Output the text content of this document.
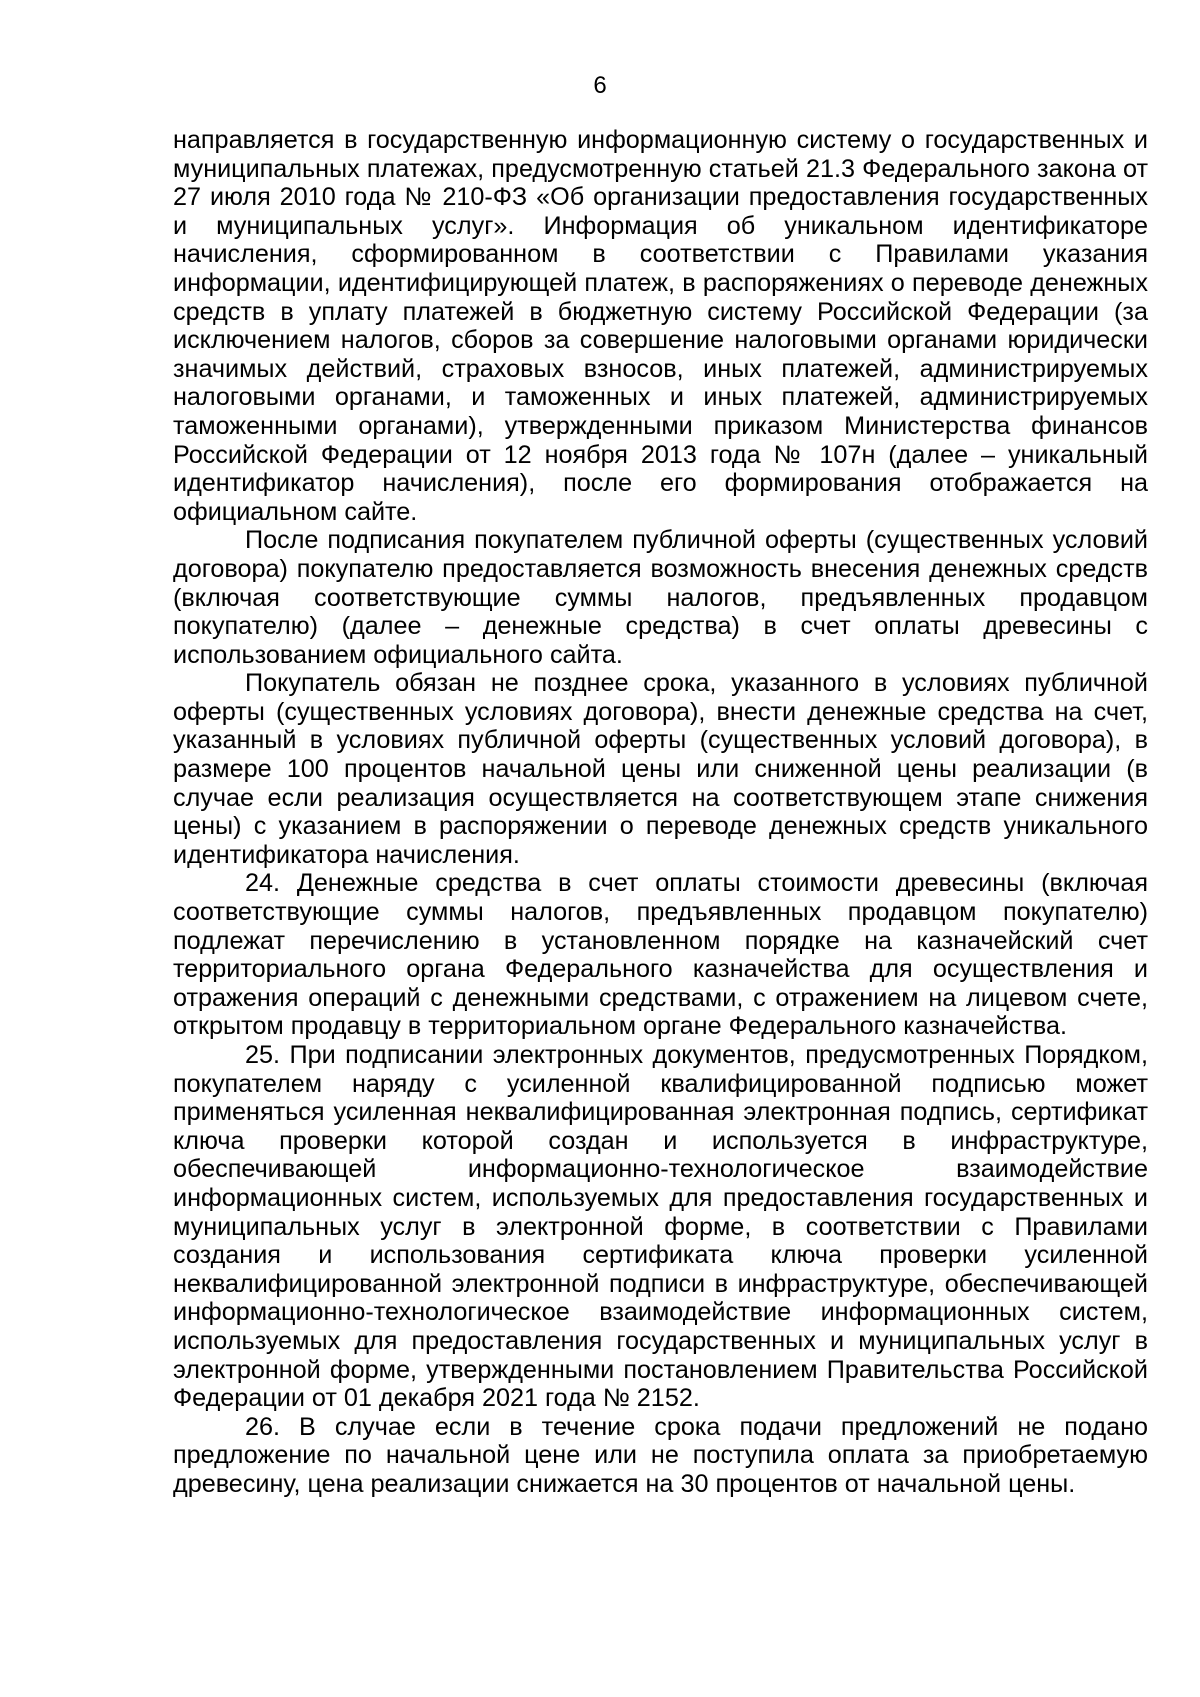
6

направляется в государственную информационную систему о государственных и муниципальных платежах, предусмотренную статьей 21.3 Федерального закона от 27 июля 2010 года № 210-ФЗ «Об организации предоставления государственных и муниципальных услуг». Информация об уникальном идентификаторе начисления, сформированном в соответствии с Правилами указания информации, идентифицирующей платеж, в распоряжениях о переводе денежных средств в уплату платежей в бюджетную систему Российской Федерации (за исключением налогов, сборов за совершение налоговыми органами юридически значимых действий, страховых взносов, иных платежей, администрируемых налоговыми органами, и таможенных и иных платежей, администрируемых таможенными органами), утвержденными приказом Министерства финансов Российской Федерации от 12 ноября 2013 года № 107н (далее – уникальный идентификатор начисления), после его формирования отображается на официальном сайте.

После подписания покупателем публичной оферты (существенных условий договора) покупателю предоставляется возможность внесения денежных средств (включая соответствующие суммы налогов, предъявленных продавцом покупателю) (далее – денежные средства) в счет оплаты древесины с использованием официального сайта.

Покупатель обязан не позднее срока, указанного в условиях публичной оферты (существенных условиях договора), внести денежные средства на счет, указанный в условиях публичной оферты (существенных условий договора), в размере 100 процентов начальной цены или сниженной цены реализации (в случае если реализация осуществляется на соответствующем этапе снижения цены) с указанием в распоряжении о переводе денежных средств уникального идентификатора начисления.

24. Денежные средства в счет оплаты стоимости древесины (включая соответствующие суммы налогов, предъявленных продавцом покупателю) подлежат перечислению в установленном порядке на казначейский счет территориального органа Федерального казначейства для осуществления и отражения операций с денежными средствами, с отражением на лицевом счете, открытом продавцу в территориальном органе Федерального казначейства.

25. При подписании электронных документов, предусмотренных Порядком, покупателем наряду с усиленной квалифицированной подписью может применяться усиленная неквалифицированная электронная подпись, сертификат ключа проверки которой создан и используется в инфраструктуре, обеспечивающей информационно-технологическое взаимодействие информационных систем, используемых для предоставления государственных и муниципальных услуг в электронной форме, в соответствии с Правилами создания и использования сертификата ключа проверки усиленной неквалифицированной электронной подписи в инфраструктуре, обеспечивающей информационно-технологическое взаимодействие информационных систем, используемых для предоставления государственных и муниципальных услуг в электронной форме, утвержденными постановлением Правительства Российской Федерации от 01 декабря 2021 года № 2152.

26. В случае если в течение срока подачи предложений не подано предложение по начальной цене или не поступила оплата за приобретаемую древесину, цена реализации снижается на 30 процентов от начальной цены.
